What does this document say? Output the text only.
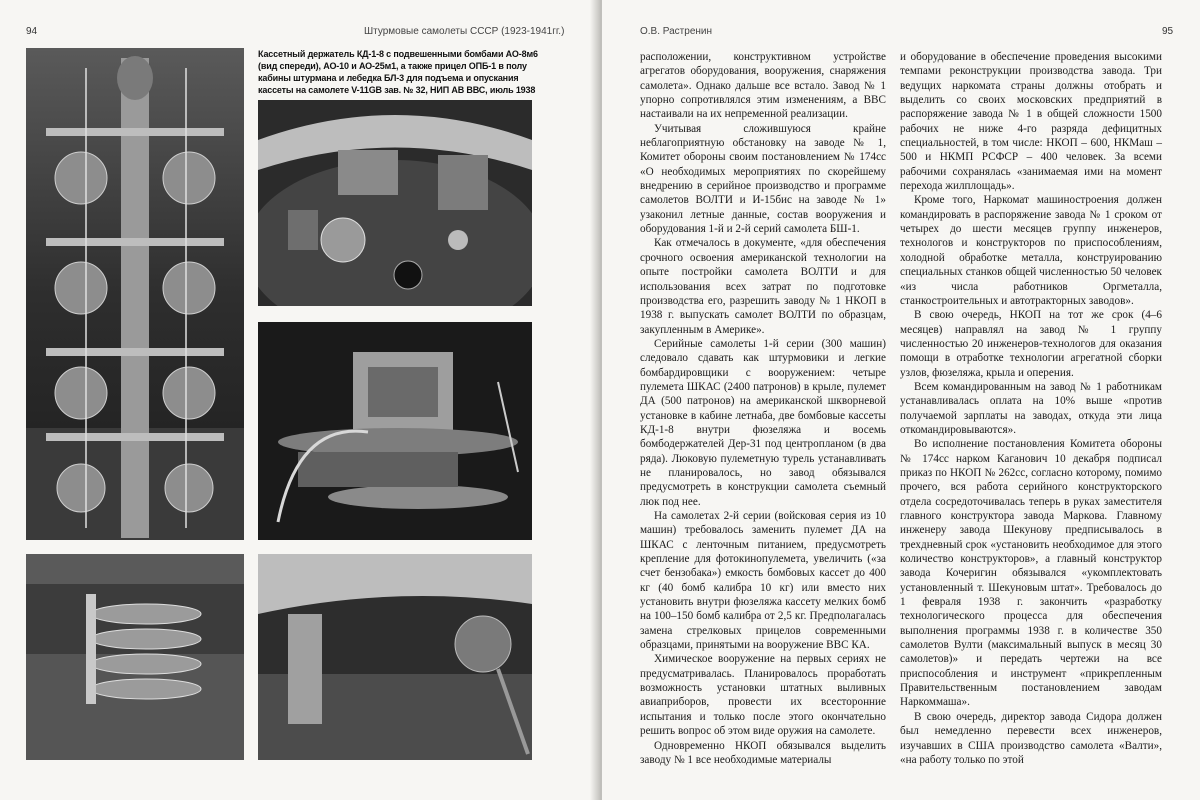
94	Штурмовые самолеты СССР (1923-1941гг.)
Кассетный держатель КД-1-8 с подвешенными бомбами АО-8м6 (вид спереди), АО-10 и АО-25м1, а также прицел ОПБ-1 в полу кабины штурмана и лебедка БЛ-3 для подъема и опускания кассеты на самолете V-11GB зав. № 32, НИП АВ ВВС, июль 1938
О.В. Растренин	95

расположении, конструктивном устройстве агрегатов оборудования, вооружения, снаряжения самолета». Однако дальше все встало. Завод № 1 упорно сопротивлялся этим изменениям, а ВВС настаивали на их непременной реализации.

Учитывая сложившуюся крайне неблагоприятную обстановку на заводе № 1, Комитет обороны своим постановлением № 174сс «О необходимых мероприятиях по скорейшему внедрению в серийное производство и программе самолетов ВОЛТИ и И-15бис на заводе № 1» узаконил летные данные, состав вооружения и оборудования 1-й и 2-й серий самолета БШ-1.

Как отмечалось в документе, «для обеспечения срочного освоения американской технологии на опыте постройки самолета ВОЛТИ и для использования всех затрат по подготовке производства его, разрешить заводу № 1 НКОП в 1938 г. выпускать самолет ВОЛТИ по образцам, закупленным в Америке».

Серийные самолеты 1-й серии (300 машин) следовало сдавать как штурмовики и легкие бомбардировщики с вооружением: четыре пулемета ШКАС (2400 патронов) в крыле, пулемет ДА (500 патронов) на американской шкворневой установке в кабине летнаба, две бомбовые кассеты КД-1-8 внутри фюзеляжа и восемь бомбодержателей Дер-31 под центропланом (в два ряда). Люковую пулеметную турель устанавливать не планировалось, но завод обязывался предусмотреть в конструкции самолета съемный люк под нее.

На самолетах 2-й серии (войсковая серия из 10 машин) требовалось заменить пулемет ДА на ШКАС с ленточным питанием, предусмотреть крепление для фотокинопулемета, увеличить («за счет бензобака») емкость бомбовых кассет до 400 кг (40 бомб калибра 10 кг) или вместо них установить внутри фюзеляжа кассету мелких бомб на 100–150 бомб калибра от 2,5 кг. Предполагалась замена стрелковых прицелов современными образцами, принятыми на вооружение ВВС КА.

Химическое вооружение на первых сериях не предусматривалась. Планировалось проработать возможность установки штатных выливных авиаприборов, провести их всесторонние испытания и только после этого окончательно решить вопрос об этом виде оружия на самолете.

Одновременно НКОП обязывался выделить заводу № 1 все необходимые материалы

и оборудование в обеспечение проведения высокими темпами реконструкции производства завода. Три ведущих наркомата страны должны отобрать и выделить со своих московских предприятий в распоряжение завода № 1 в общей сложности 1500 рабочих не ниже 4-го разряда дефицитных специальностей, в том числе: НКОП – 600, НКМаш – 500 и НКМП РСФСР – 400 человек. За всеми рабочими сохранялась «занимаемая ими на момент перехода жилплощадь».

Кроме того, Наркомат машиностроения должен командировать в распоряжение завода № 1 сроком от четырех до шести месяцев группу инженеров, технологов и конструкторов по приспособлениям, холодной обработке металла, конструированию специальных станков общей численностью 50 человек «из числа работников Оргметалла, станкостроительных и автотракторных заводов».

В свою очередь, НКОП на тот же срок (4–6 месяцев) направлял на завод № 1 группу численностью 20 инженеров-технологов для оказания помощи в отработке технологии агрегатной сборки узлов, фюзеляжа, крыла и оперения.

Всем командированным на завод № 1 работникам устанавливалась оплата на 10% выше «против получаемой зарплаты на заводах, откуда эти лица откомандировываются».

Во исполнение постановления Комитета обороны № 174сс нарком Каганович 10 декабря подписал приказ по НКОП № 262сс, согласно которому, помимо прочего, вся работа серийного конструкторского отдела сосредоточивалась теперь в руках заместителя главного конструктора завода Маркова. Главному инженеру завода Шекунову предписывалось в трехдневный срок «установить необходимое для этого количество конструкторов», а главный конструктор завода Кочеригин обязывался «укомплектовать установленный т. Шекуновым штат». Требовалось до 1 февраля 1938 г. закончить «разработку технологического процесса для обеспечения выполнения программы 1938 г. в количестве 350 самолетов Вулти (максимальный выпуск в месяц 30 самолетов)» и передать чертежи на все приспособления и инструмент «прикрепленным Правительственным постановлением заводам Наркоммаша».

В свою очередь, директор завода Сидора должен был немедленно перевести всех инженеров, изучавших в США производство самолета «Валти», «на работу только по этой
